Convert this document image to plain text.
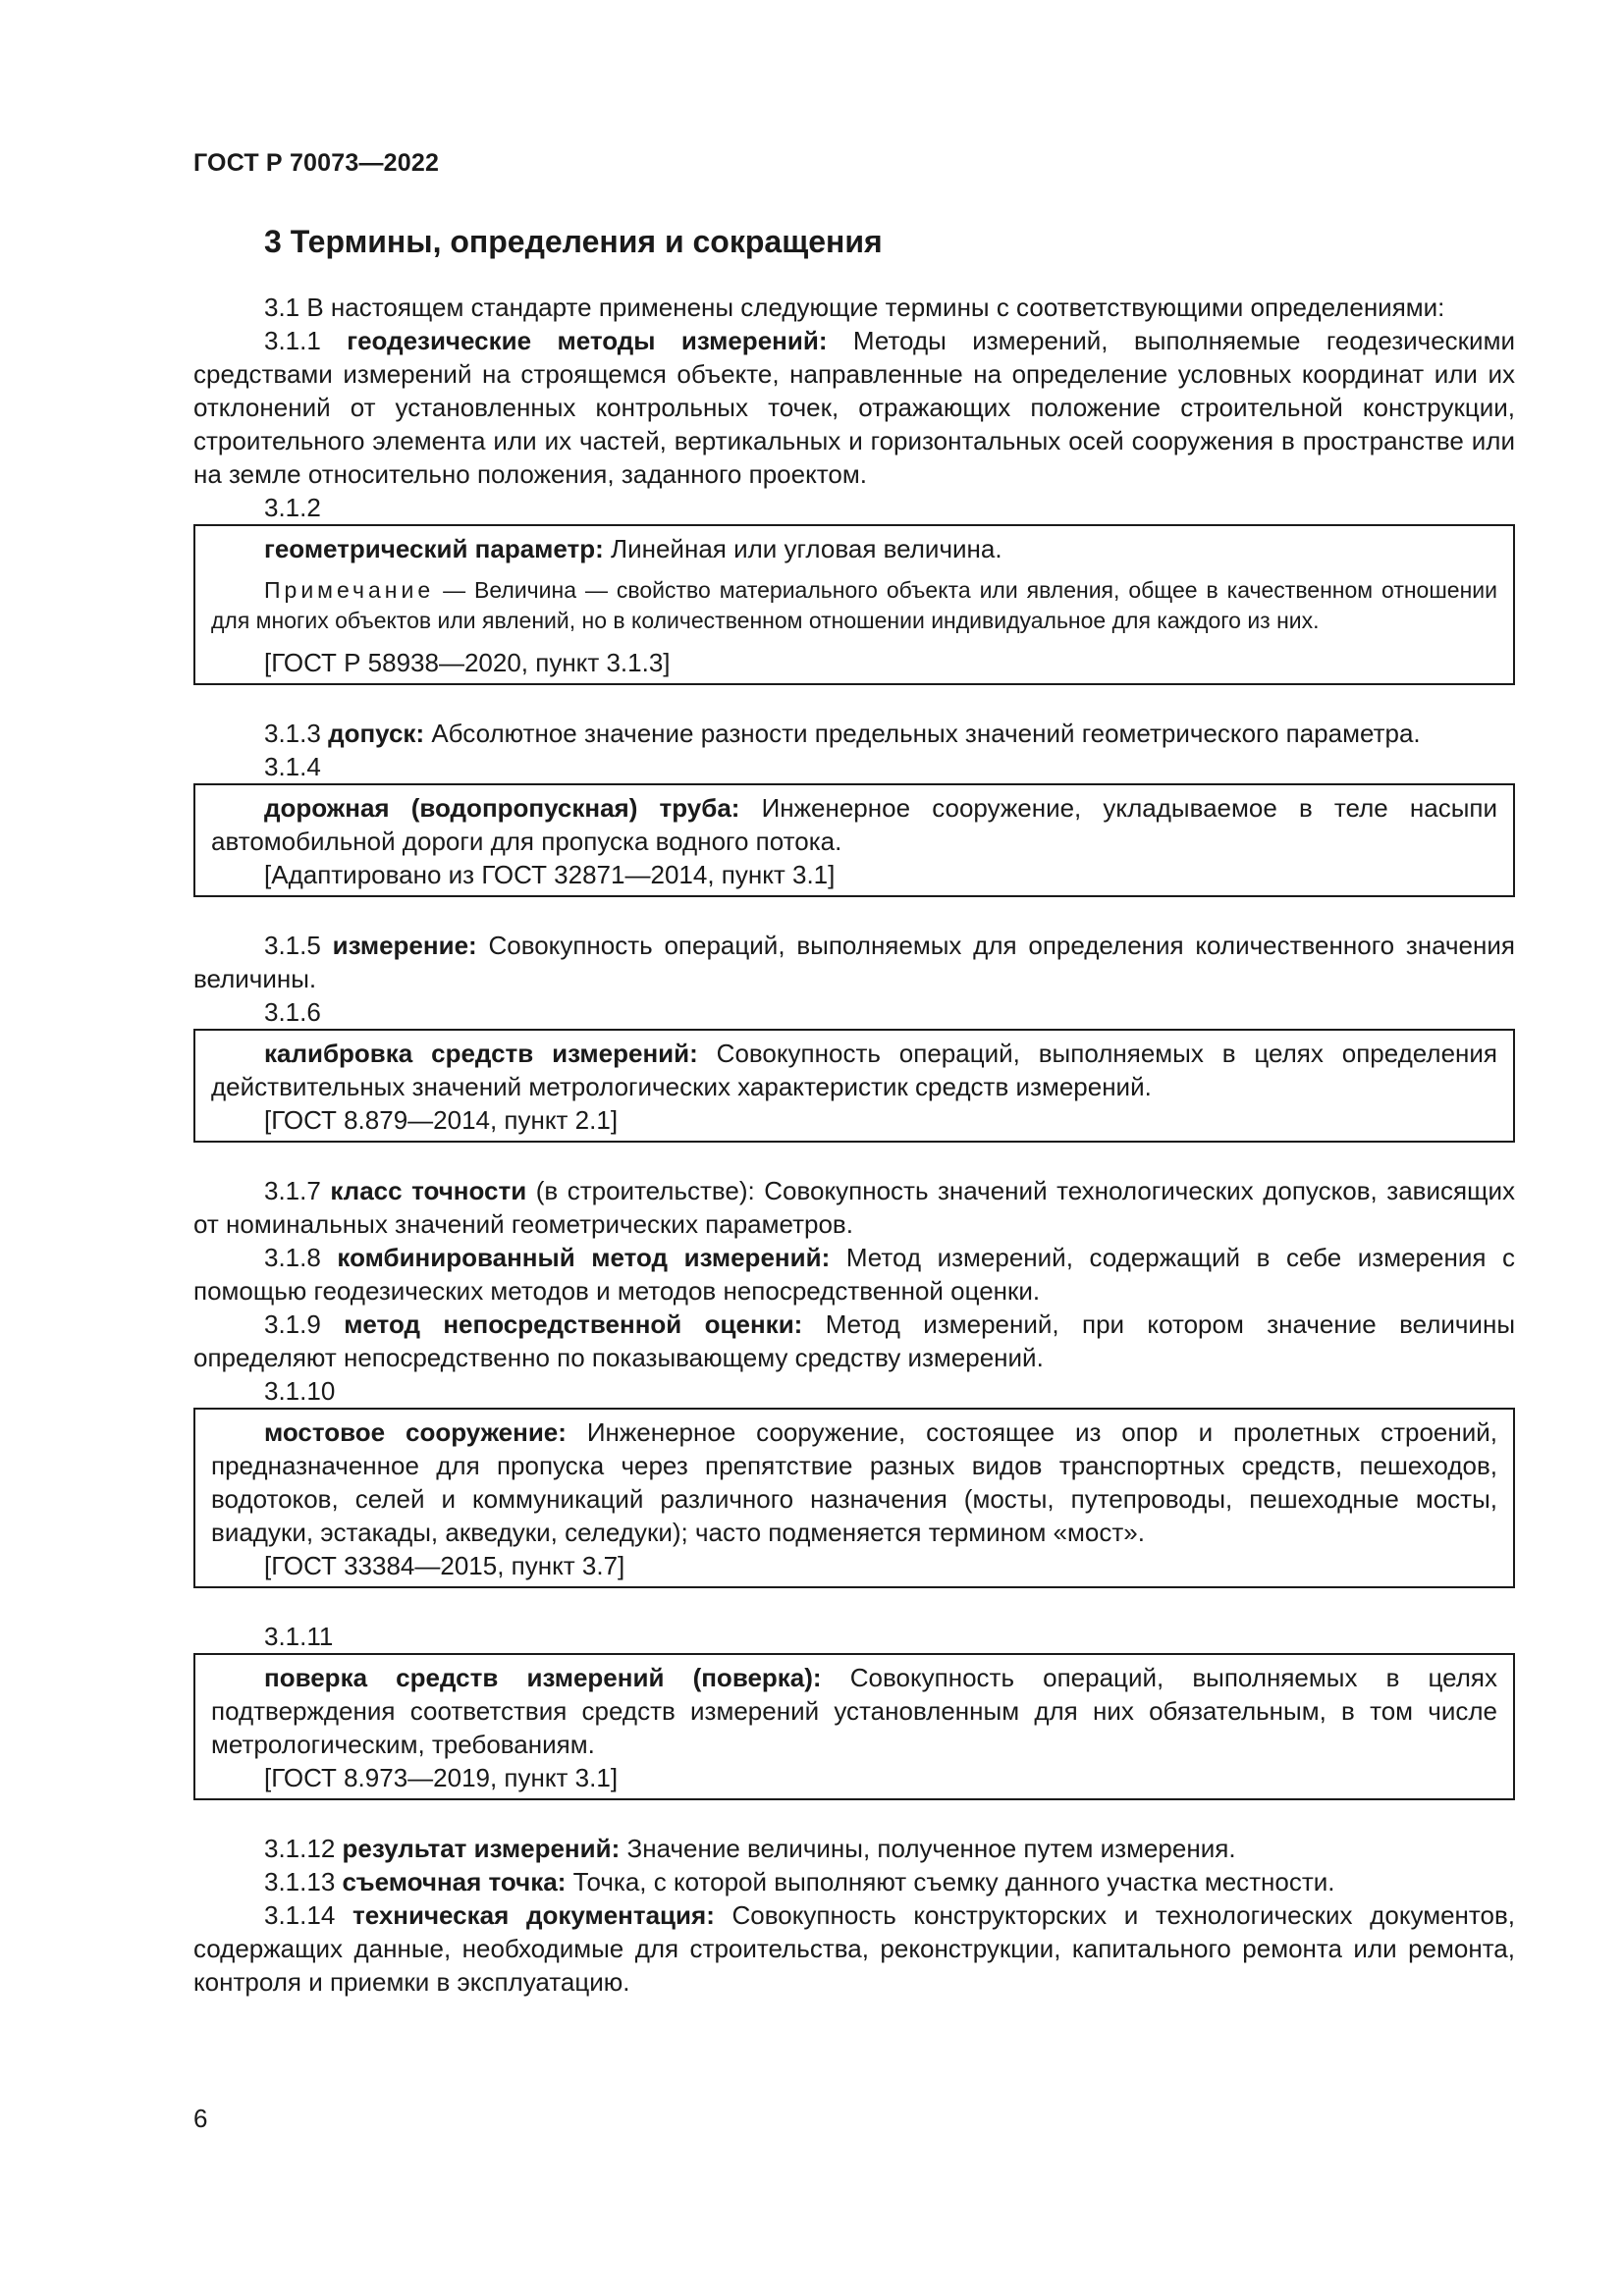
ГОСТ Р 70073—2022
3 Термины, определения и сокращения

3.1 В настоящем стандарте применены следующие термины с соответствующими определениями:

3.1.1 геодезические методы измерений: Методы измерений, выполняемые геодезическими средствами измерений на строящемся объекте, направленные на определение условных координат или их отклонений от установленных контрольных точек, отражающих положение строительной конструкции, строительного элемента или их частей, вертикальных и горизонтальных осей сооружения в пространстве или на земле относительно положения, заданного проектом.

3.1.2

геометрический параметр: Линейная или угловая величина.

Примечание — Величина — свойство материального объекта или явления, общее в качественном отношении для многих объектов или явлений, но в количественном отношении индивидуальное для каждого из них.

[ГОСТ Р 58938—2020, пункт 3.1.3]

3.1.3 допуск: Абсолютное значение разности предельных значений геометрического параметра.

3.1.4

дорожная (водопропускная) труба: Инженерное сооружение, укладываемое в теле насыпи автомобильной дороги для пропуска водного потока.

[Адаптировано из ГОСТ 32871—2014, пункт 3.1]

3.1.5 измерение: Совокупность операций, выполняемых для определения количественного значения величины.

3.1.6

калибровка средств измерений: Совокупность операций, выполняемых в целях определения действительных значений метрологических характеристик средств измерений.

[ГОСТ 8.879—2014, пункт 2.1]

3.1.7 класс точности (в строительстве): Совокупность значений технологических допусков, зависящих от номинальных значений геометрических параметров.

3.1.8 комбинированный метод измерений: Метод измерений, содержащий в себе измерения с помощью геодезических методов и методов непосредственной оценки.

3.1.9 метод непосредственной оценки: Метод измерений, при котором значение величины определяют непосредственно по показывающему средству измерений.

3.1.10

мостовое сооружение: Инженерное сооружение, состоящее из опор и пролетных строений, предназначенное для пропуска через препятствие разных видов транспортных средств, пешеходов, водотоков, селей и коммуникаций различного назначения (мосты, путепроводы, пешеходные мосты, виадуки, эстакады, акведуки, селедуки); часто подменяется термином «мост».

[ГОСТ 33384—2015, пункт 3.7]

3.1.11

поверка средств измерений (поверка): Совокупность операций, выполняемых в целях подтверждения соответствия средств измерений установленным для них обязательным, в том числе метрологическим, требованиям.

[ГОСТ 8.973—2019, пункт 3.1]

3.1.12 результат измерений: Значение величины, полученное путем измерения.

3.1.13 съемочная точка: Точка, с которой выполняют съемку данного участка местности.

3.1.14 техническая документация: Совокупность конструкторских и технологических документов, содержащих данные, необходимые для строительства, реконструкции, капитального ремонта или ремонта, контроля и приемки в эксплуатацию.

6
